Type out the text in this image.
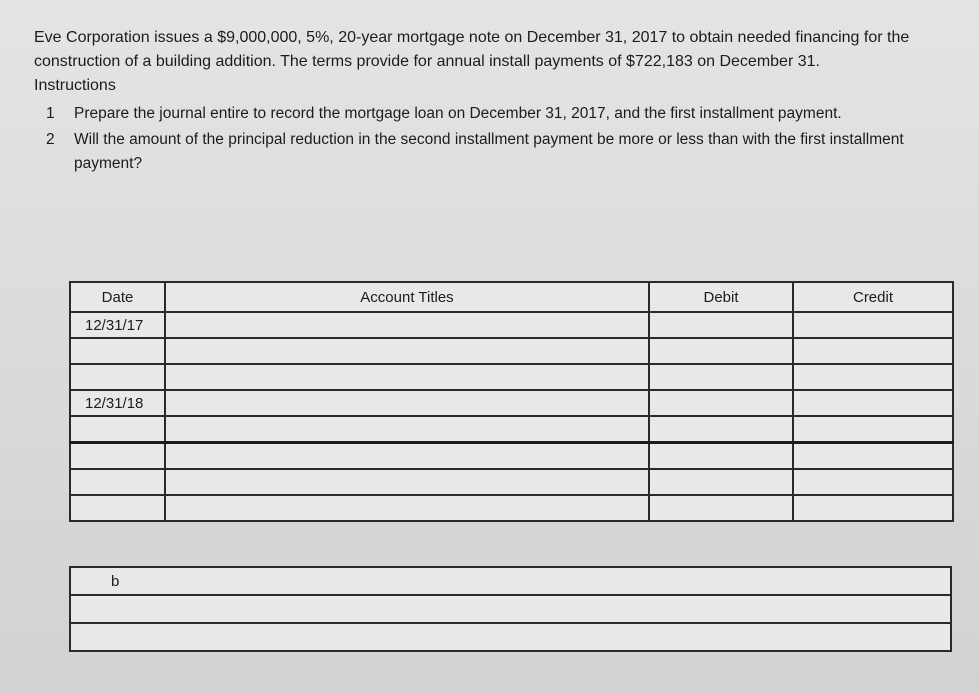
Eve Corporation issues a $9,000,000, 5%, 20-year mortgage note on December 31, 2017 to obtain needed financing for the construction of a building addition. The terms provide for annual install payments of $722,183 on December 31.

Instructions

1	Prepare the journal entire to record the mortgage loan on December 31, 2017, and the first installment payment.
2	Will the amount of the principal reduction in the second installment payment be more or less than with the first installment payment?
Date	Account Titles	Debit	Credit
12/31/17			

12/31/18			

b
